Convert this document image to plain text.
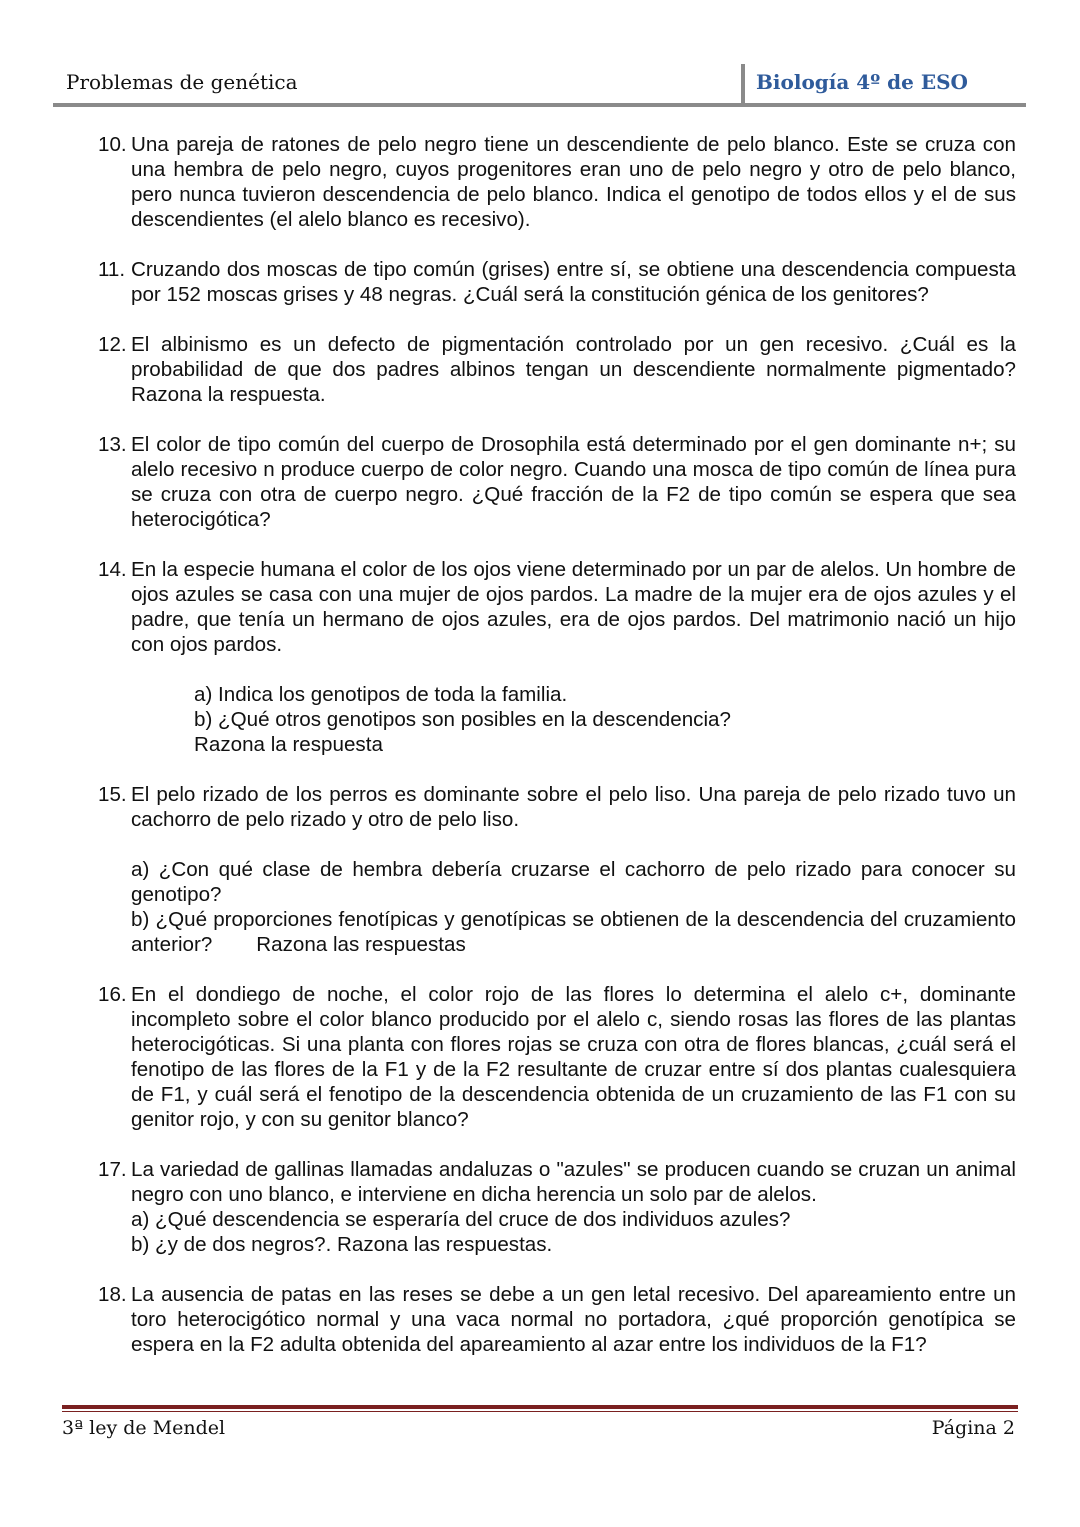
Problemas de genética	Biología 4º de ESO
10. Una pareja de ratones de pelo negro tiene un descendiente de pelo blanco. Este se cruza con una hembra de pelo negro, cuyos progenitores eran uno de pelo negro y otro de pelo blanco, pero nunca tuvieron descendencia de pelo blanco. Indica el genotipo de todos ellos y el de sus descendientes (el alelo blanco es recesivo).

11. Cruzando dos moscas de tipo común (grises) entre sí, se obtiene una descendencia compuesta por 152 moscas grises y 48 negras. ¿Cuál será la constitución génica de los genitores?

12. El albinismo es un defecto de pigmentación controlado por un gen recesivo. ¿Cuál es la probabilidad de que dos padres albinos tengan un descendiente normalmente pigmentado? Razona la respuesta.

13. El color de tipo común del cuerpo de Drosophila está determinado por el gen dominante n+; su alelo recesivo n produce cuerpo de color negro. Cuando una mosca de tipo común de línea pura se cruza con otra de cuerpo negro. ¿Qué fracción de la F2 de tipo común se espera que sea heterocigótica?

14. En la especie humana el color de los ojos viene determinado por un par de alelos. Un hombre de ojos azules se casa con una mujer de ojos pardos. La madre de la mujer era de ojos azules y el padre, que tenía un hermano de ojos azules, era de ojos pardos. Del matrimonio nació un hijo con ojos pardos.

a) Indica los genotipos de toda la familia.
b) ¿Qué otros genotipos son posibles en la descendencia?
Razona la respuesta
15. El pelo rizado de los perros es dominante sobre el pelo liso. Una pareja de pelo rizado tuvo un cachorro de pelo rizado y otro de pelo liso.

a) ¿Con qué clase de hembra debería cruzarse el cachorro de pelo rizado para conocer su genotipo?
b) ¿Qué proporciones fenotípicas y genotípicas se obtienen de la descendencia del cruzamiento anterior? Razona las respuestas
16. En el dondiego de noche, el color rojo de las flores lo determina el alelo c+, dominante incompleto sobre el color blanco producido por el alelo c, siendo rosas las flores de las plantas heterocigóticas. Si una planta con flores rojas se cruza con otra de flores blancas, ¿cuál será el fenotipo de las flores de la F1 y de la F2 resultante de cruzar entre sí dos plantas cualesquiera de F1, y cuál será el fenotipo de la descendencia obtenida de un cruzamiento de las F1 con su genitor rojo, y con su genitor blanco?

17. La variedad de gallinas llamadas andaluzas o "azules" se producen cuando se cruzan un animal negro con uno blanco, e interviene en dicha herencia un solo par de alelos.

a) ¿Qué descendencia se esperaría del cruce de dos individuos azules?
b) ¿y de dos negros?. Razona las respuestas.
18. La ausencia de patas en las reses se debe a un gen letal recesivo. Del apareamiento entre un toro heterocigótico normal y una vaca normal no portadora, ¿qué proporción genotípica se espera en la F2 adulta obtenida del apareamiento al azar entre los individuos de la F1?

3ª ley de Mendel	Página 2
